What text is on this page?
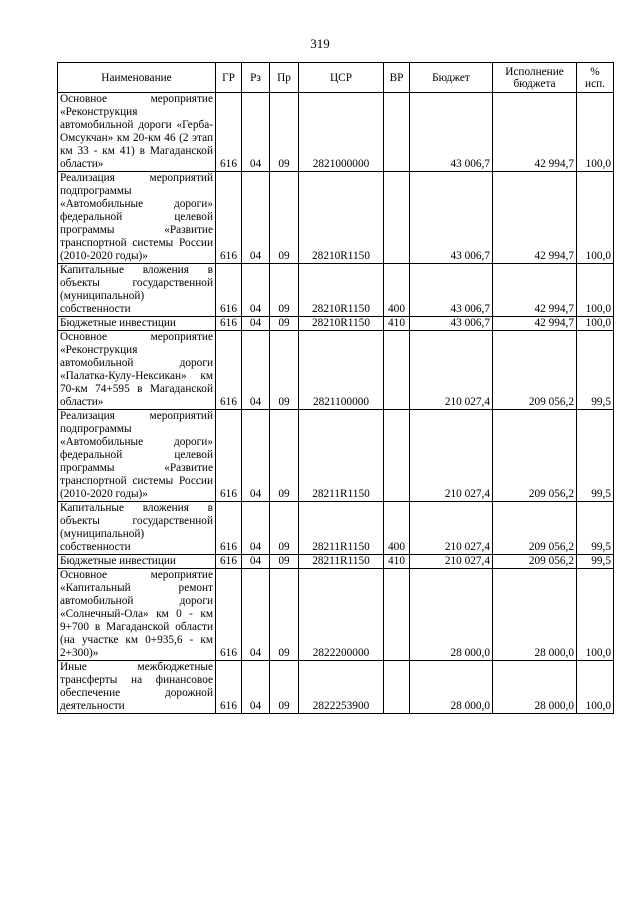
319
Наименование	ГР	Рз	Пр	ЦСР	ВР	Бюджет	Исполнение бюджета	% исп.
Основное мероприятие «Реконструкция автомобильной дороги «Герба-Омсукчан» км 20-км 46 (2 этап км 33 - км 41) в Магаданской области»	616	04	09	2821000000		43 006,7	42 994,7	100,0
Реализация мероприятий подпрограммы «Автомобильные дороги» федеральной целевой программы «Развитие транспортной системы России (2010-2020 годы)»	616	04	09	28210R1150		43 006,7	42 994,7	100,0
Капитальные вложения в объекты государственной (муниципальной) собственности	616	04	09	28210R1150	400	43 006,7	42 994,7	100,0
Бюджетные инвестиции	616	04	09	28210R1150	410	43 006,7	42 994,7	100,0
Основное мероприятие «Реконструкция автомобильной дороги «Палатка-Кулу-Нексикан» км 70-км 74+595 в Магаданской области»	616	04	09	2821100000		210 027,4	209 056,2	99,5
Реализация мероприятий подпрограммы «Автомобильные дороги» федеральной целевой программы «Развитие транспортной системы России (2010-2020 годы)»	616	04	09	28211R1150		210 027,4	209 056,2	99,5
Капитальные вложения в объекты государственной (муниципальной) собственности	616	04	09	28211R1150	400	210 027,4	209 056,2	99,5
Бюджетные инвестиции	616	04	09	28211R1150	410	210 027,4	209 056,2	99,5
Основное мероприятие «Капитальный ремонт автомобильной дороги «Солнечный-Ола» км 0 - км 9+700 в Магаданской области (на участке км 0+935,6 - км 2+300)»	616	04	09	2822200000		28 000,0	28 000,0	100,0
Иные межбюджетные трансферты на финансовое обеспечение дорожной деятельности	616	04	09	2822253900		28 000,0	28 000,0	100,0
